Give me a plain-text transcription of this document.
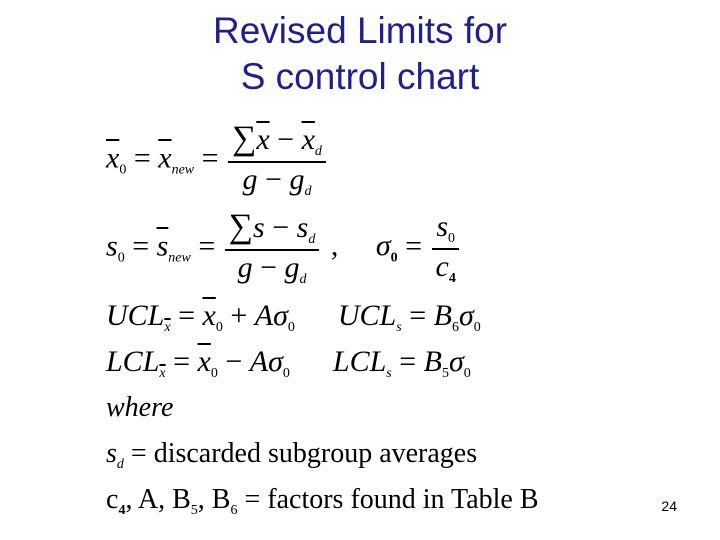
Revised Limits for
S control chart
$\overline{x}_0 = \overline{x}_{new} = \frac{\sum\overline{x} - \overline{x}_d}{g - g_d}$
$s_0 = \overline{s}_{new} = \frac{\sum s - s_d}{g - g_d}$ , $\sigma_0 = \frac{s_0}{c_4}$
$UCL_{\overline{x}} = \overline{x}_0 + A\sigma_0$ $UCL_s = B_6\sigma_0$
$LCL_{\overline{x}} = \overline{x}_0 - A\sigma_0$ $LCL_s = B_5\sigma_0$
where
$s_d$ = discarded subgroup averages
$c_4$, A, $B_5$, $B_6$ = factors found in Table B	24
